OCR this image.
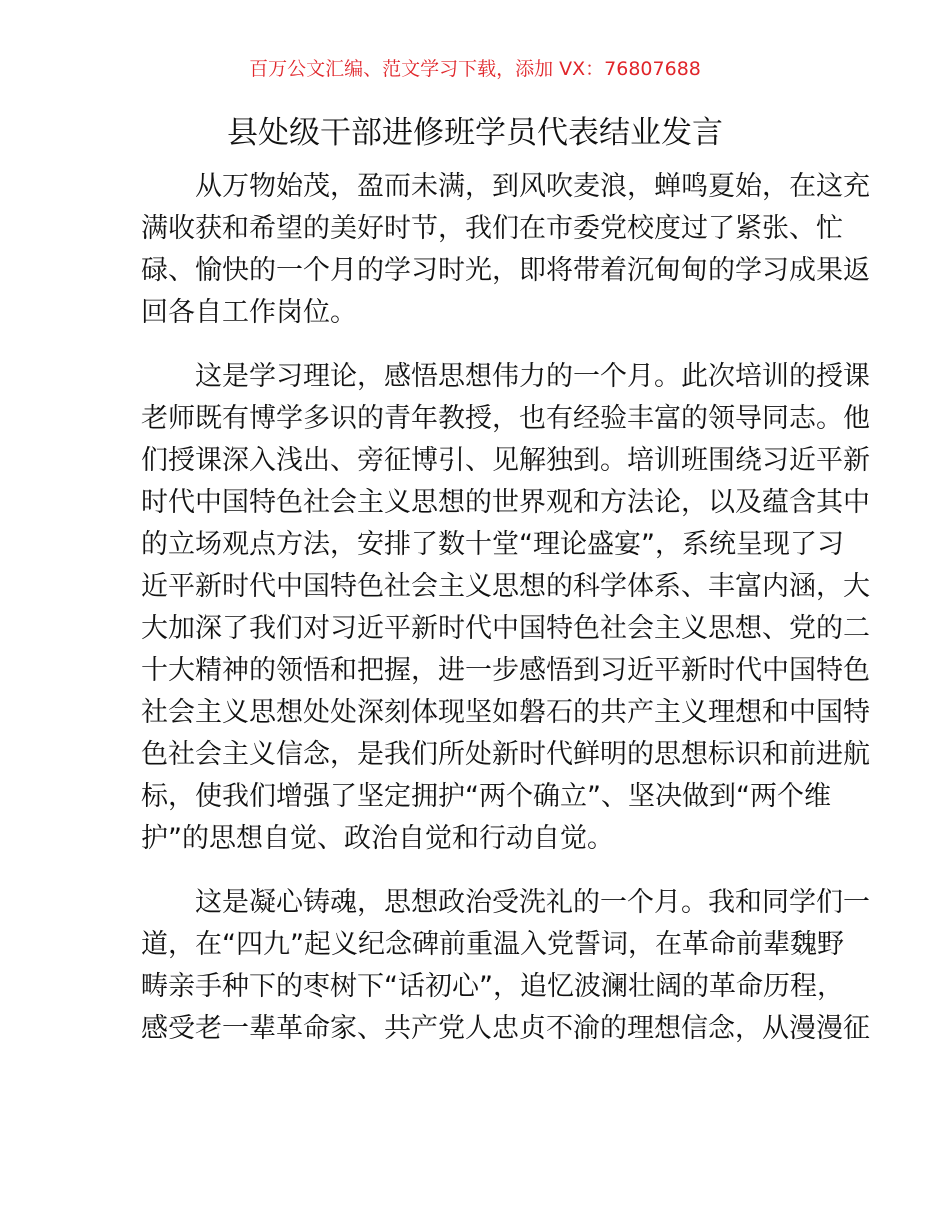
百万公文汇编、范文学习下载，添加 VX：76807688
县处级干部进修班学员代表结业发言
从万物始茂，盈而未满，到风吹麦浪，蝉鸣夏始，在这充
满收获和希望的美好时节，我们在市委党校度过了紧张、忙
碌、愉快的一个月的学习时光，即将带着沉甸甸的学习成果返
回各自工作岗位。
这是学习理论，感悟思想伟力的一个月。此次培训的授课
老师既有博学多识的青年教授，也有经验丰富的领导同志。他
们授课深入浅出、旁征博引、见解独到。培训班围绕习近平新
时代中国特色社会主义思想的世界观和方法论，以及蕴含其中
的立场观点方法，安排了数十堂“理论盛宴”，系统呈现了习
近平新时代中国特色社会主义思想的科学体系、丰富内涵，大
大加深了我们对习近平新时代中国特色社会主义思想、党的二
十大精神的领悟和把握，进一步感悟到习近平新时代中国特色
社会主义思想处处深刻体现坚如磐石的共产主义理想和中国特
色社会主义信念，是我们所处新时代鲜明的思想标识和前进航
标，使我们增强了坚定拥护“两个确立”、坚决做到“两个维
护”的思想自觉、政治自觉和行动自觉。
这是凝心铸魂，思想政治受洗礼的一个月。我和同学们一
道，在“四九”起义纪念碑前重温入党誓词，在革命前辈魏野
畴亲手种下的枣树下“话初心”，追忆波澜壮阔的革命历程，
感受老一辈革命家、共产党人忠贞不渝的理想信念，从漫漫征
